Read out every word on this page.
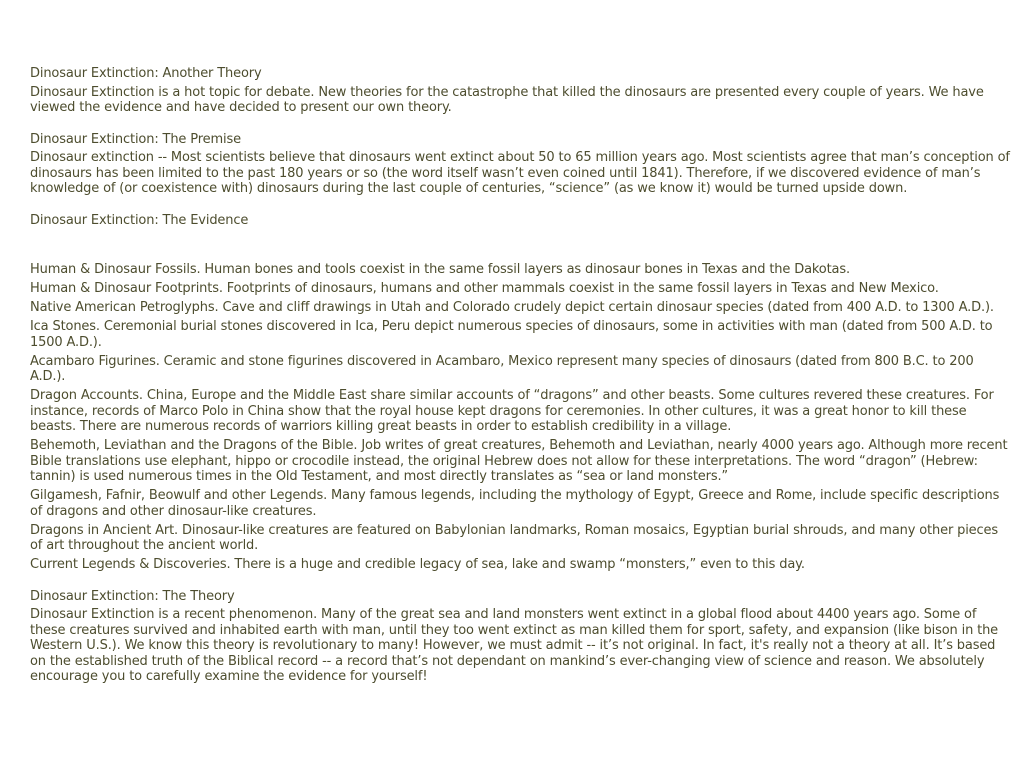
Dinosaur Extinction: Another Theory

Dinosaur Extinction is a hot topic for debate. New theories for the catastrophe that killed the dinosaurs are presented every couple of years. We have viewed the evidence and have decided to present our own theory.

Dinosaur Extinction: The Premise

Dinosaur extinction -- Most scientists believe that dinosaurs went extinct about 50 to 65 million years ago. Most scientists agree that man’s conception of dinosaurs has been limited to the past 180 years or so (the word itself wasn’t even coined until 1841). Therefore, if we discovered evidence of man’s knowledge of (or coexistence with) dinosaurs during the last couple of centuries, “science” (as we know it) would be turned upside down.

Dinosaur Extinction: The Evidence
Human & Dinosaur Fossils. Human bones and tools coexist in the same fossil layers as dinosaur bones in Texas and the Dakotas.
Human & Dinosaur Footprints. Footprints of dinosaurs, humans and other mammals coexist in the same fossil layers in Texas and New Mexico.
Native American Petroglyphs. Cave and cliff drawings in Utah and Colorado crudely depict certain dinosaur species (dated from 400 A.D. to 1300 A.D.).
Ica Stones. Ceremonial burial stones discovered in Ica, Peru depict numerous species of dinosaurs, some in activities with man (dated from 500 A.D. to 1500 A.D.).
Acambaro Figurines. Ceramic and stone figurines discovered in Acambaro, Mexico represent many species of dinosaurs (dated from 800 B.C. to 200 A.D.).
Dragon Accounts. China, Europe and the Middle East share similar accounts of “dragons” and other beasts. Some cultures revered these creatures. For instance, records of Marco Polo in China show that the royal house kept dragons for ceremonies. In other cultures, it was a great honor to kill these beasts. There are numerous records of warriors killing great beasts in order to establish credibility in a village.
Behemoth, Leviathan and the Dragons of the Bible. Job writes of great creatures, Behemoth and Leviathan, nearly 4000 years ago. Although more recent Bible translations use elephant, hippo or crocodile instead, the original Hebrew does not allow for these interpretations. The word “dragon” (Hebrew: tannin) is used numerous times in the Old Testament, and most directly translates as “sea or land monsters.”
Gilgamesh, Fafnir, Beowulf and other Legends. Many famous legends, including the mythology of Egypt, Greece and Rome, include specific descriptions of dragons and other dinosaur-like creatures.
Dragons in Ancient Art. Dinosaur-like creatures are featured on Babylonian landmarks, Roman mosaics, Egyptian burial shrouds, and many other pieces of art throughout the ancient world.
Current Legends & Discoveries. There is a huge and credible legacy of sea, lake and swamp “monsters,” even to this day.
Dinosaur Extinction: The Theory

Dinosaur Extinction is a recent phenomenon. Many of the great sea and land monsters went extinct in a global flood about 4400 years ago. Some of these creatures survived and inhabited earth with man, until they too went extinct as man killed them for sport, safety, and expansion (like bison in the Western U.S.). We know this theory is revolutionary to many! However, we must admit -- it’s not original. In fact, it's really not a theory at all. It’s based on the established truth of the Biblical record -- a record that’s not dependant on mankind’s ever-changing view of science and reason. We absolutely encourage you to carefully examine the evidence for yourself!
